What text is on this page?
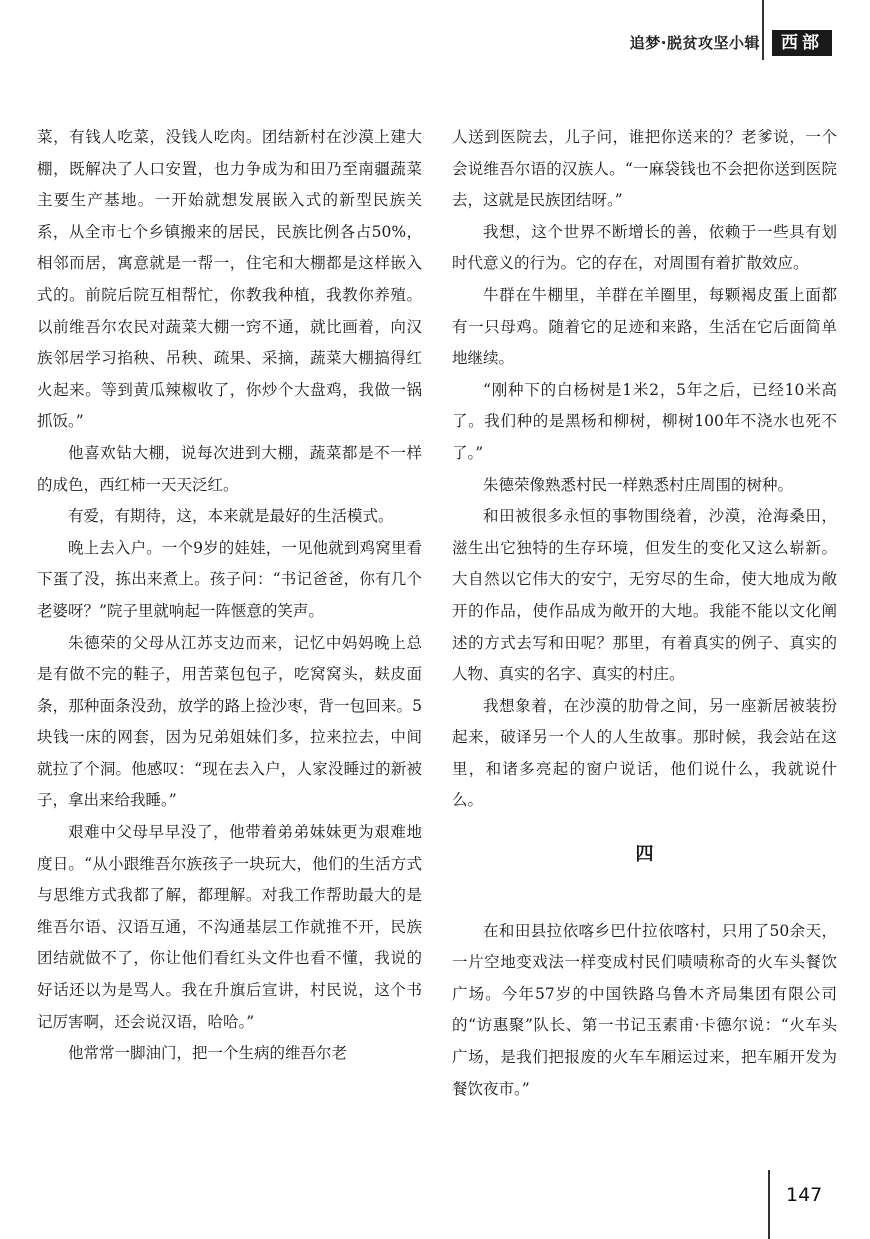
追梦·脱贫攻坚小辑	西部

菜，有钱人吃菜，没钱人吃肉。团结新村在沙漠上建大棚，既解决了人口安置，也力争成为和田乃至南疆蔬菜主要生产基地。一开始就想发展嵌入式的新型民族关系，从全市七个乡镇搬来的居民，民族比例各占50%，相邻而居，寓意就是一帮一，住宅和大棚都是这样嵌入式的。前院后院互相帮忙，你教我种植，我教你养殖。以前维吾尔农民对蔬菜大棚一窍不通，就比画着，向汉族邻居学习掐秧、吊秧、疏果、采摘，蔬菜大棚搞得红火起来。等到黄瓜辣椒收了，你炒个大盘鸡，我做一锅抓饭。”

他喜欢钻大棚，说每次进到大棚，蔬菜都是不一样的成色，西红柿一天天泛红。

有爱，有期待，这，本来就是最好的生活模式。

晚上去入户。一个9岁的娃娃，一见他就到鸡窝里看下蛋了没，拣出来煮上。孩子问：“书记爸爸，你有几个老婆呀？”院子里就响起一阵惬意的笑声。

朱德荣的父母从江苏支边而来，记忆中妈妈晚上总是有做不完的鞋子，用苦菜包包子，吃窝窝头，麸皮面条，那种面条没劲，放学的路上捡沙枣，背一包回来。5块钱一床的网套，因为兄弟姐妹们多，拉来拉去，中间就拉了个洞。他感叹：“现在去入户，人家没睡过的新被子，拿出来给我睡。”

艰难中父母早早没了，他带着弟弟妹妹更为艰难地度日。“从小跟维吾尔族孩子一块玩大，他们的生活方式与思维方式我都了解，都理解。对我工作帮助最大的是维吾尔语、汉语互通，不沟通基层工作就推不开，民族团结就做不了，你让他们看红头文件也看不懂，我说的好话还以为是骂人。我在升旗后宣讲，村民说，这个书记厉害啊，还会说汉语，哈哈。”

他常常一脚油门，把一个生病的维吾尔老

人送到医院去，儿子问，谁把你送来的？老爹说，一个会说维吾尔语的汉族人。“一麻袋钱也不会把你送到医院去，这就是民族团结呀。”

我想，这个世界不断增长的善，依赖于一些具有划时代意义的行为。它的存在，对周围有着扩散效应。

牛群在牛棚里，羊群在羊圈里，每颗褐皮蛋上面都有一只母鸡。随着它的足迹和来路，生活在它后面简单地继续。

“刚种下的白杨树是1米2，5年之后，已经10米高了。我们种的是黑杨和柳树，柳树100年不浇水也死不了。”

朱德荣像熟悉村民一样熟悉村庄周围的树种。

和田被很多永恒的事物围绕着，沙漠，沧海桑田，滋生出它独特的生存环境，但发生的变化又这么崭新。大自然以它伟大的安宁，无穷尽的生命，使大地成为敞开的作品，使作品成为敞开的大地。我能不能以文化阐述的方式去写和田呢？那里，有着真实的例子、真实的人物、真实的名字、真实的村庄。

我想象着，在沙漠的肋骨之间，另一座新居被装扮起来，破译另一个人的人生故事。那时候，我会站在这里，和诸多亮起的窗户说话，他们说什么，我就说什么。

四

在和田县拉依喀乡巴什拉依喀村，只用了50余天，一片空地变戏法一样变成村民们啧啧称奇的火车头餐饮广场。今年57岁的中国铁路乌鲁木齐局集团有限公司的“访惠聚”队长、第一书记玉素甫·卡德尔说：“火车头广场，是我们把报废的火车车厢运过来，把车厢开发为餐饮夜市。”

147
